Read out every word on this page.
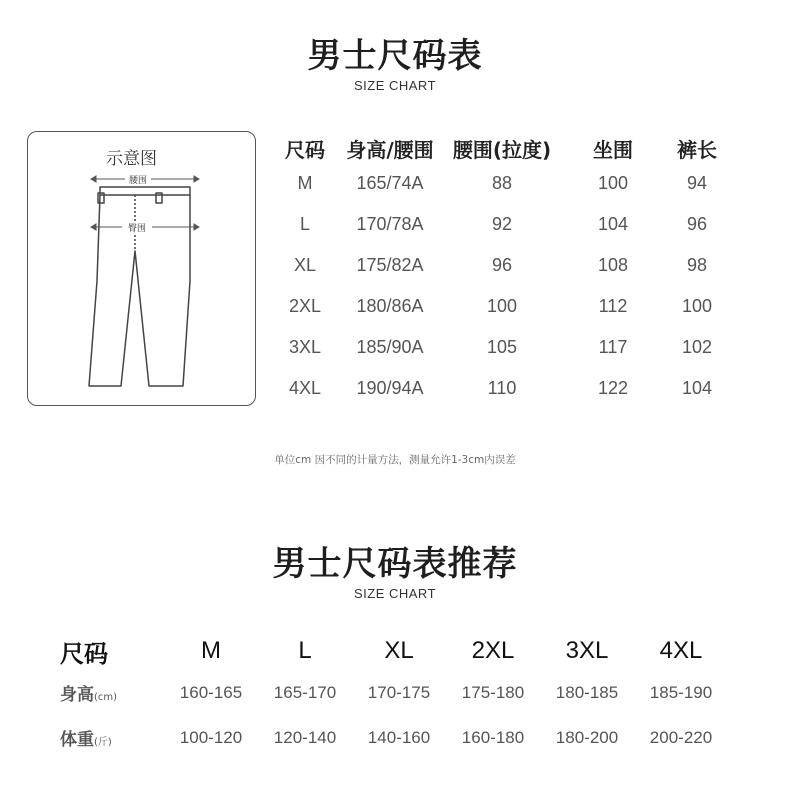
男士尺码表
SIZE CHART
示意图
腰围
臀围
尺码	身高/腰围	腰围(拉度)	坐围	裤长
M	165/74A	88	100	94
L	170/78A	92	104	96
XL	175/82A	96	108	98
2XL	180/86A	100	112	100
3XL	185/90A	105	117	102
4XL	190/94A	110	122	104
单位cm 因不同的计量方法，测量允许1-3cm内误差
男士尺码表推荐
SIZE CHART
尺码	M	L	XL	2XL	3XL	4XL
身高(cm)	160-165	165-170	170-175	175-180	180-185	185-190
体重(斤)	100-120	120-140	140-160	160-180	180-200	200-220
